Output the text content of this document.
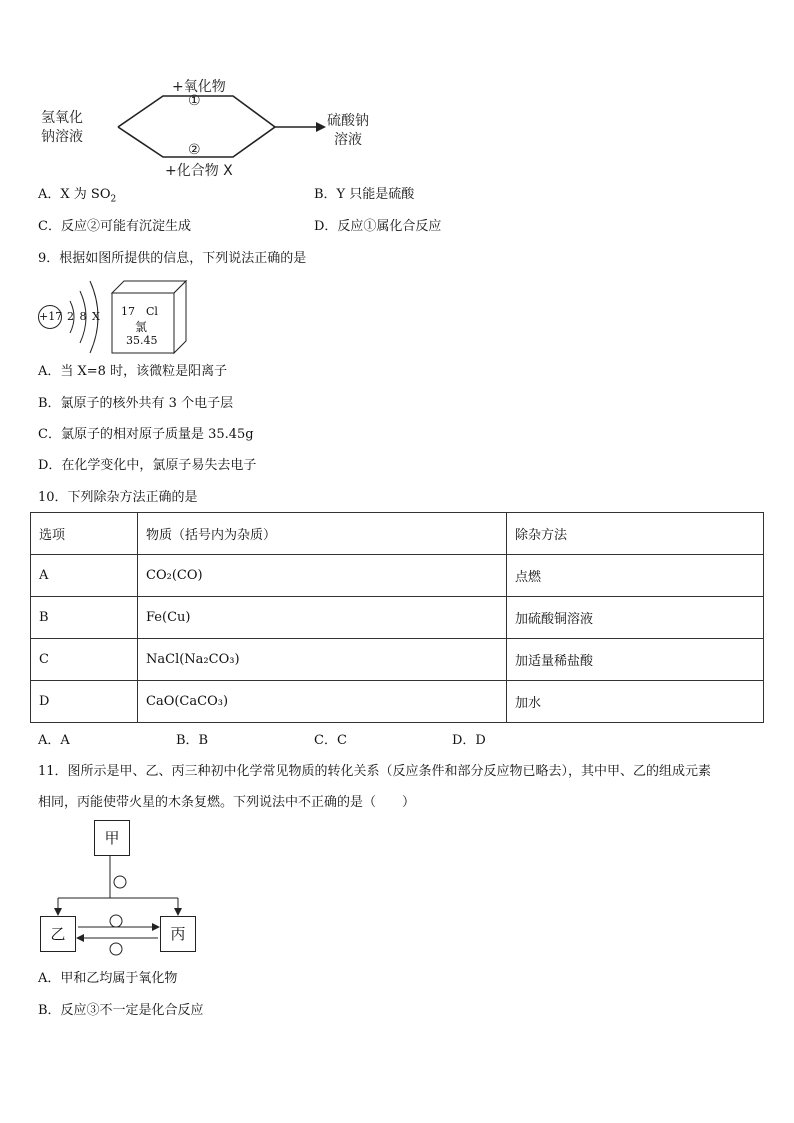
氢氧化
钠溶液
+氧化物
①
②
+化合物 X
硫酸钠
溶液
A．X 为 $SO_2$	B．Y 只能是硫酸
C．反应②可能有沉淀生成	D．反应①属化合反应
9．根据如图所提供的信息，下列说法正确的是
+17 2 8 X 17 Cl
氯
35.45
A．当 X=8 时，该微粒是阳离子
B．氯原子的核外共有 3 个电子层
C．氯原子的相对原子质量是 35.45g
D．在化学变化中，氯原子易失去电子
10．下列除杂方法正确的是
选项	物质（括号内为杂质）	除杂方法
A	CO₂(CO)	点燃
B	Fe(Cu)	加硫酸铜溶液
C	NaCl(Na₂CO₃)	加适量稀盐酸
D	CaO(CaCO₃)	加水
A．A	B．B	C．C	D．D
11．图所示是甲、乙、丙三种初中化学常见物质的转化关系（反应条件和部分反应物已略去），其中甲、乙的组成元素
相同，丙能使带火星的木条复燃。下列说法中不正确的是（　　）
甲
乙	丙
A．甲和乙均属于氧化物
B．反应③不一定是化合反应
